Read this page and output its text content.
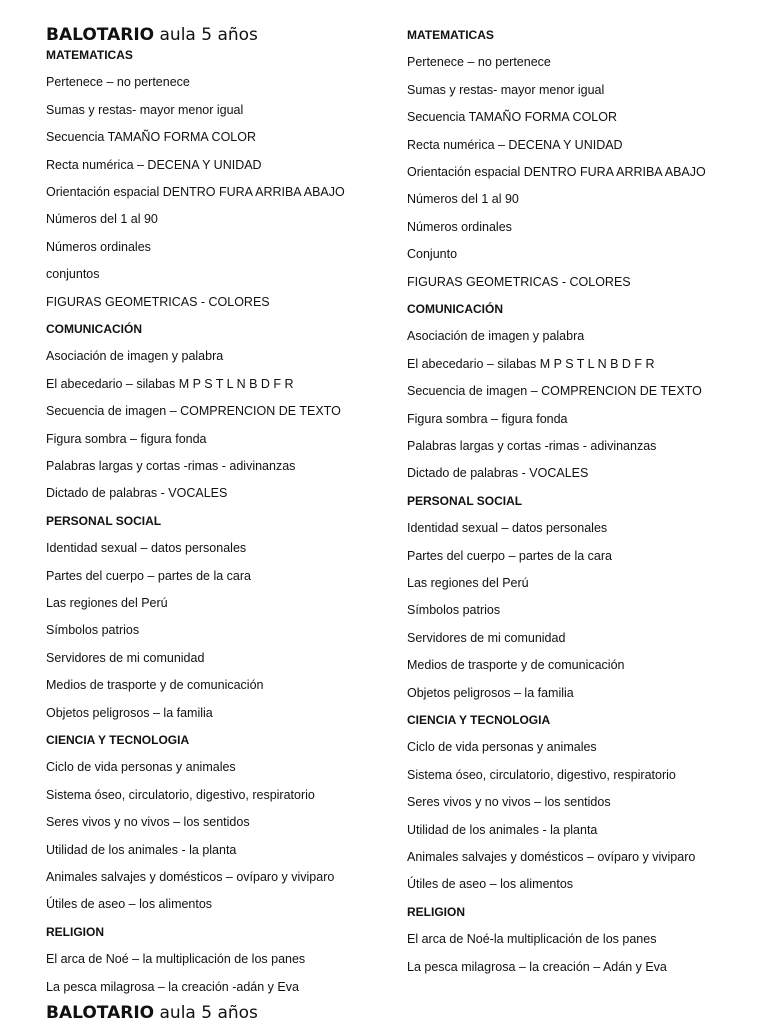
BALOTARIO aula 5 años
MATEMATICAS
Pertenece – no pertenece
Sumas y restas- mayor menor igual
Secuencia TAMAÑO FORMA COLOR
Recta numérica – DECENA Y UNIDAD
Orientación espacial DENTRO FURA ARRIBA ABAJO
Números del 1 al 90
Números ordinales
conjuntos
FIGURAS GEOMETRICAS - COLORES
COMUNICACIÓN
Asociación de imagen y palabra
El abecedario – silabas M P S T L N B D F R
Secuencia de imagen – COMPRENCION DE TEXTO
Figura sombra – figura fonda
Palabras largas y cortas -rimas - adivinanzas
Dictado de palabras - VOCALES
PERSONAL SOCIAL
Identidad sexual – datos personales
Partes del cuerpo – partes de la cara
Las regiones del Perú
Símbolos patrios
Servidores de mi comunidad
Medios de trasporte y de comunicación
Objetos peligrosos – la familia
CIENCIA Y TECNOLOGIA
Ciclo de vida personas y animales
Sistema óseo, circulatorio, digestivo, respiratorio
Seres vivos y no vivos – los sentidos
Utilidad de los animales - la planta
Animales salvajes y domésticos – ovíparo y viviparo
Útiles de aseo – los alimentos
RELIGION
El arca de Noé – la multiplicación de los panes
La pesca milagrosa – la creación -adán y Eva
MATEMATICAS
Pertenece – no pertenece
Sumas y restas- mayor menor igual
Secuencia TAMAÑO FORMA COLOR
Recta numérica – DECENA Y UNIDAD
Orientación espacial DENTRO FURA ARRIBA ABAJO
Números del 1 al 90
Números ordinales
Conjunto
FIGURAS GEOMETRICAS - COLORES
COMUNICACIÓN
Asociación de imagen y palabra
El abecedario – silabas M P S T L N B D F R
Secuencia de imagen – COMPRENCION DE TEXTO
Figura sombra – figura fonda
Palabras largas y cortas -rimas - adivinanzas
Dictado de palabras - VOCALES
PERSONAL SOCIAL
Identidad sexual – datos personales
Partes del cuerpo – partes de la cara
Las regiones del Perú
Símbolos patrios
Servidores de mi comunidad
Medios de trasporte y de comunicación
Objetos peligrosos – la familia
CIENCIA Y TECNOLOGIA
Ciclo de vida personas y animales
Sistema óseo, circulatorio, digestivo, respiratorio
Seres vivos y no vivos – los sentidos
Utilidad de los animales - la planta
Animales salvajes y domésticos – ovíparo y viviparo
Útiles de aseo – los alimentos
RELIGION
El arca de Noé-la multiplicación de los panes
La pesca milagrosa – la creación – Adán y Eva
BALOTARIO aula 5 años
